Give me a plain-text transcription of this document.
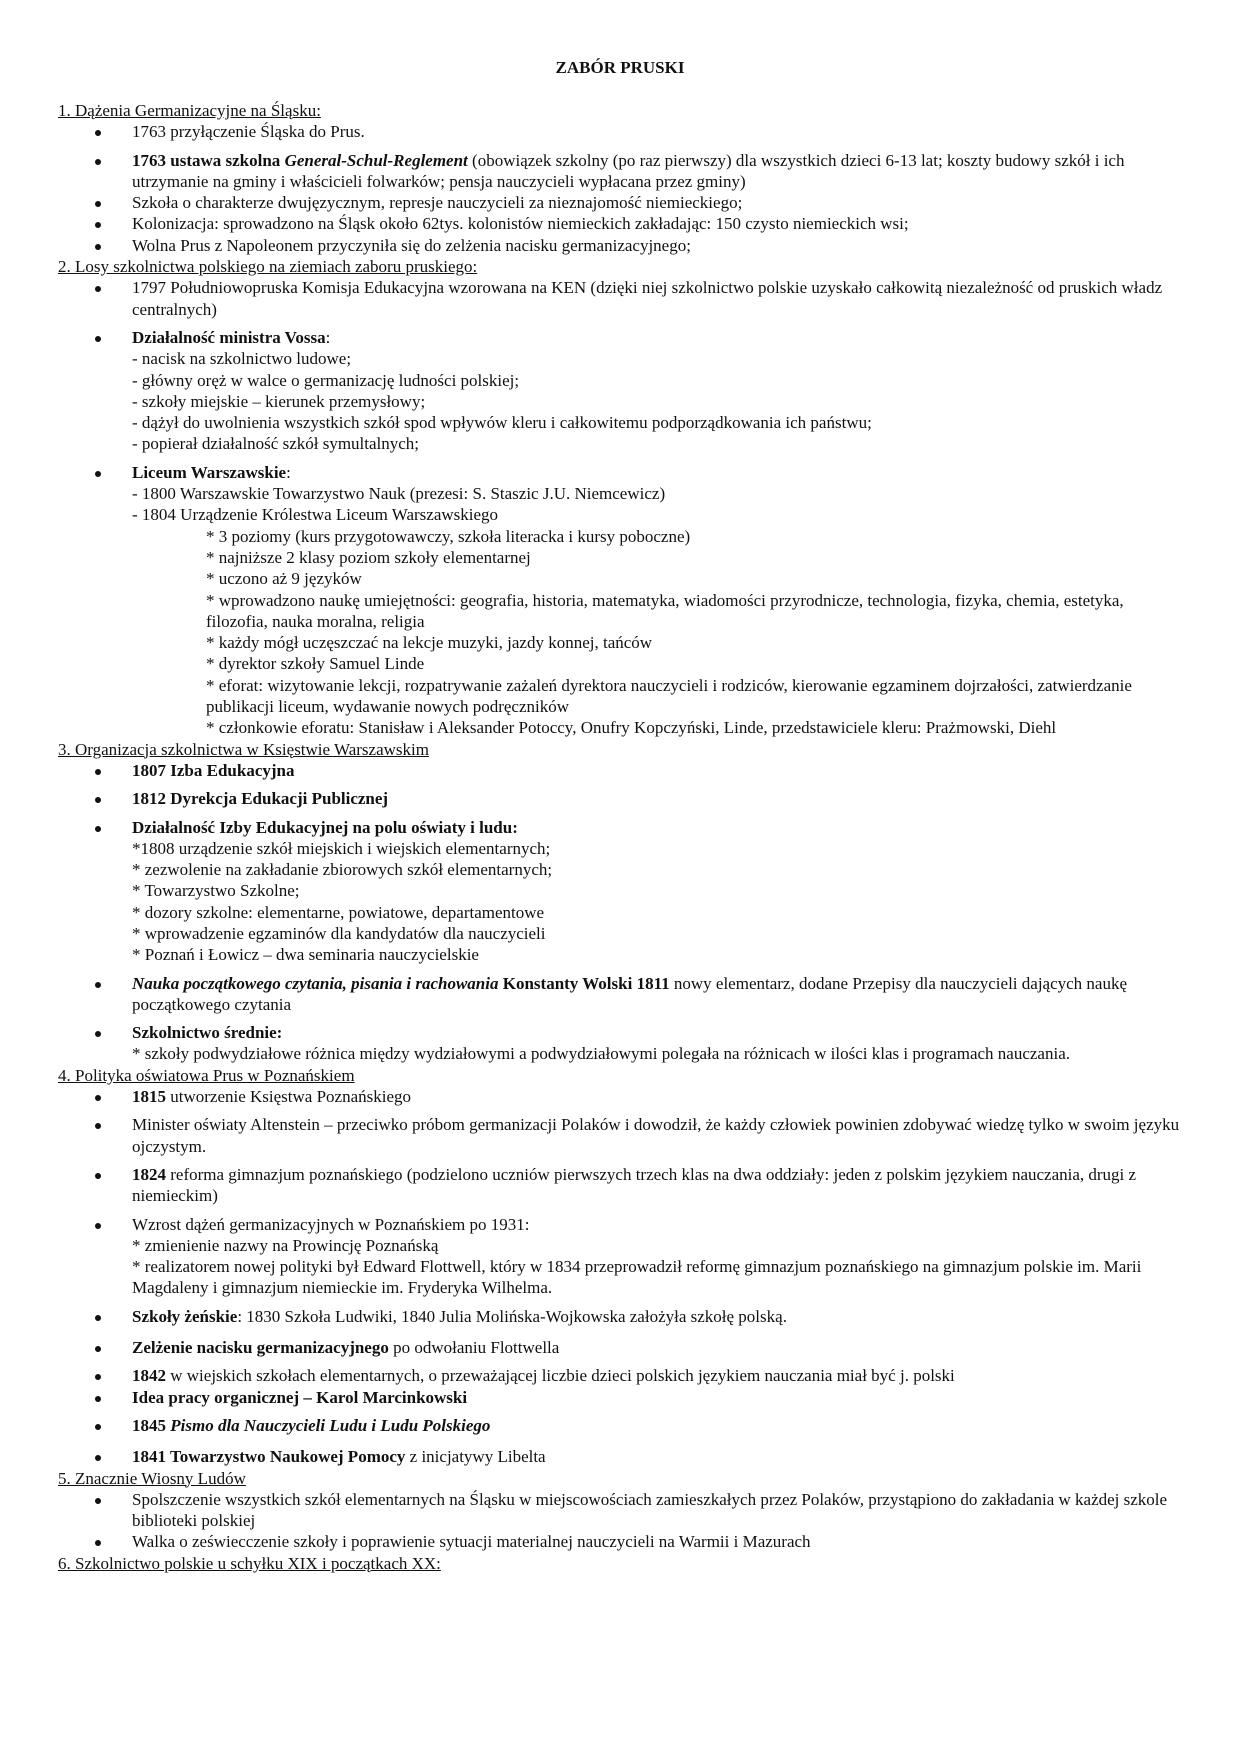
ZABÓR PRUSKI
1. Dążenia Germanizacyjne na Śląsku:
1763 przyłączenie Śląska do Prus.
1763 ustawa szkolna General-Schul-Reglement (obowiązek szkolny (po raz pierwszy) dla wszystkich dzieci 6-13 lat; koszty budowy szkół i ich utrzymanie na gminy i właścicieli folwarków; pensja nauczycieli wypłacana przez gminy)
Szkoła o charakterze dwujęzycznym, represje nauczycieli za nieznajomość niemieckiego;
Kolonizacja: sprowadzono na Śląsk około 62tys. kolonistów niemieckich zakładając: 150 czysto niemieckich wsi;
Wolna Prus z Napoleonem przyczyniła się do zelżenia nacisku germanizacyjnego;
2. Losy szkolnictwa polskiego na ziemiach zaboru pruskiego:
1797 Południowopruska Komisja Edukacyjna wzorowana na KEN (dzięki niej szkolnictwo polskie uzyskało całkowitą niezależność od pruskich władz centralnych)
Działalność ministra Vossa:
- nacisk na szkolnictwo ludowe;
- główny oręż w walce o germanizację ludności polskiej;
- szkoły miejskie – kierunek przemysłowy;
- dążył do uwolnienia wszystkich szkół spod wpływów kleru i całkowitemu podporządkowania ich państwu;
- popierał działalność szkół symultalnych;
Liceum Warszawskie:
- 1800 Warszawskie Towarzystwo Nauk (prezesi: S. Staszic J.U. Niemcewicz)
- 1804 Urządzenie Królestwa Liceum Warszawskiego
* 3 poziomy (kurs przygotowawczy, szkoła literacka i kursy poboczne)
* najniższe 2 klasy poziom szkoły elementarnej
* uczono aż 9 języków
* wprowadzono naukę umiejętności: geografia, historia, matematyka, wiadomości przyrodnicze, technologia, fizyka, chemia, estetyka, filozofia, nauka moralna, religia
* każdy mógł uczęszczać na lekcje muzyki, jazdy konnej, tańców
* dyrektor szkoły Samuel Linde
* eforat: wizytowanie lekcji, rozpatrywanie zażaleń dyrektora nauczycieli i rodziców, kierowanie egzaminem dojrzałości, zatwierdzanie publikacji liceum, wydawanie nowych podręczników
* członkowie eforatu: Stanisław i Aleksander Potoccy, Onufry Kopczyński, Linde, przedstawiciele kleru: Prażmowski, Diehl
3. Organizacja szkolnictwa w Księstwie Warszawskim
1807 Izba Edukacyjna
1812 Dyrekcja Edukacji Publicznej
Działalność Izby Edukacyjnej na polu oświaty i ludu:
*1808 urządzenie szkół miejskich i wiejskich elementarnych;
* zezwolenie na zakładanie zbiorowych szkół elementarnych;
* Towarzystwo Szkolne;
* dozory szkolne: elementarne, powiatowe, departamentowe
* wprowadzenie egzaminów dla kandydatów dla nauczycieli
* Poznań i Łowicz – dwa seminaria nauczycielskie
Nauka początkowego czytania, pisania i rachowania Konstanty Wolski 1811 nowy elementarz, dodane Przepisy dla nauczycieli dających naukę początkowego czytania
Szkolnictwo średnie:
* szkoły podwydziałowe różnica między wydziałowymi a podwydziałowymi polegała na różnicach w ilości klas i programach nauczania.
4. Polityka oświatowa Prus w Poznańskiem
1815 utworzenie Księstwa Poznańskiego
Minister oświaty Altenstein – przeciwko próbom germanizacji Polaków i dowodził, że każdy człowiek powinien zdobywać wiedzę tylko w swoim języku ojczystym.
1824 reforma gimnazjum poznańskiego (podzielono uczniów pierwszych trzech klas na dwa oddziały: jeden z polskim językiem nauczania, drugi z niemieckim)
Wzrost dążeń germanizacyjnych w Poznańskiem po 1931:
* zmienienie nazwy na Prowincję Poznańską
* realizatorem nowej polityki był Edward Flottwell, który w 1834 przeprowadził reformę gimnazjum poznańskiego na gimnazjum polskie im. Marii Magdaleny i gimnazjum niemieckie im. Fryderyka Wilhelma.
Szkoły żeńskie: 1830 Szkoła Ludwiki, 1840 Julia Molińska-Wojkowska założyła szkołę polską.
Zelżenie nacisku germanizacyjnego po odwołaniu Flottwella
1842 w wiejskich szkołach elementarnych, o przeważającej liczbie dzieci polskich językiem nauczania miał być j. polski
Idea pracy organicznej – Karol Marcinkowski
1845 Pismo dla Nauczycieli Ludu i Ludu Polskiego
1841 Towarzystwo Naukowej Pomocy z inicjatywy Libelta
5. Znacznie Wiosny Ludów
Spolszczenie wszystkich szkół elementarnych na Śląsku w miejscowościach zamieszkałych przez Polaków, przystąpiono do zakładania w każdej szkole biblioteki polskiej
Walka o zeświecczenie szkoły i poprawienie sytuacji materialnej nauczycieli na Warmii i Mazurach
6. Szkolnictwo polskie u schyłku XIX i początkach XX:
